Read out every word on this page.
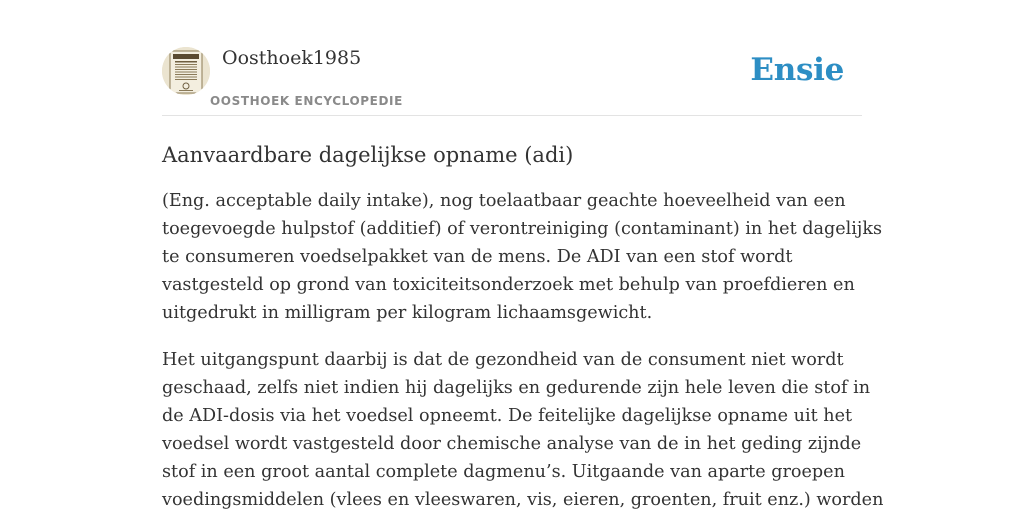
Oosthoek1985
OOSTHOEK ENCYCLOPEDIE
Ensie
Aanvaardbare dagelijkse opname (adi)

(Eng. acceptable daily intake), nog toelaatbaar geachte hoeveelheid van een
toegevoegde hulpstof (additief) of verontreiniging (contaminant) in het dagelijks
te consumeren voedselpakket van de mens. De ADI van een stof wordt
vastgesteld op grond van toxiciteitsonderzoek met behulp van proefdieren en
uitgedrukt in milligram per kilogram lichaamsgewicht.

Het uitgangspunt daarbij is dat de gezondheid van de consument niet wordt
geschaad, zelfs niet indien hij dagelijks en gedurende zijn hele leven die stof in
de ADI-dosis via het voedsel opneemt. De feitelijke dagelijkse opname uit het
voedsel wordt vastgesteld door chemische analyse van de in het geding zijnde
stof in een groot aantal complete dagmenu’s. Uitgaande van aparte groepen
voedingsmiddelen (vlees en vleeswaren, vis, eieren, groenten, fruit enz.) worden
